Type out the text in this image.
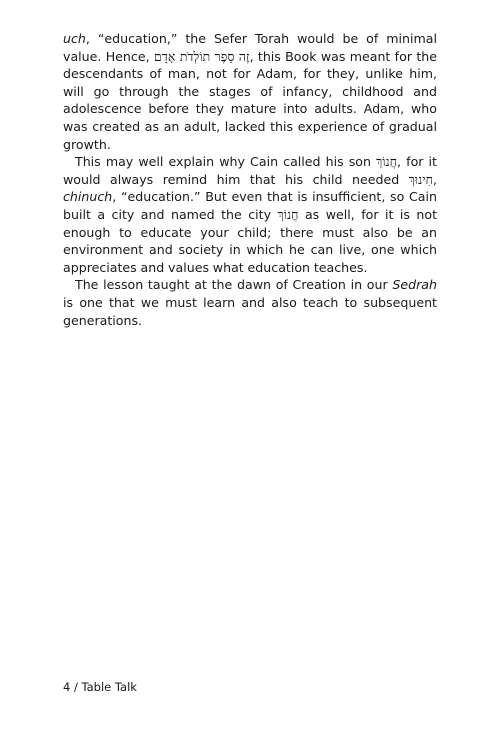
uch, “education,” the Sefer Torah would be of minimal value. Hence, זֶה סֵפֶר תוֹלְדֹת אָדָם, this Book was meant for the descendants of man, not for Adam, for they, unlike him, will go through the stages of infancy, childhood and adolescence before they mature into adults. Adam, who was created as an adult, lacked this experience of gradual growth.

This may well explain why Cain called his son חֲנוֹךְ, for it would always remind him that his child needed חִינוּךְ, chinuch, “education.” But even that is insufficient, so Cain built a city and named the city חֲנוֹךְ as well, for it is not enough to educate your child; there must also be an environment and society in which he can live, one which appreciates and values what education teaches.

The lesson taught at the dawn of Creation in our Sedrah is one that we must learn and also teach to subsequent generations.

4 / Table Talk
